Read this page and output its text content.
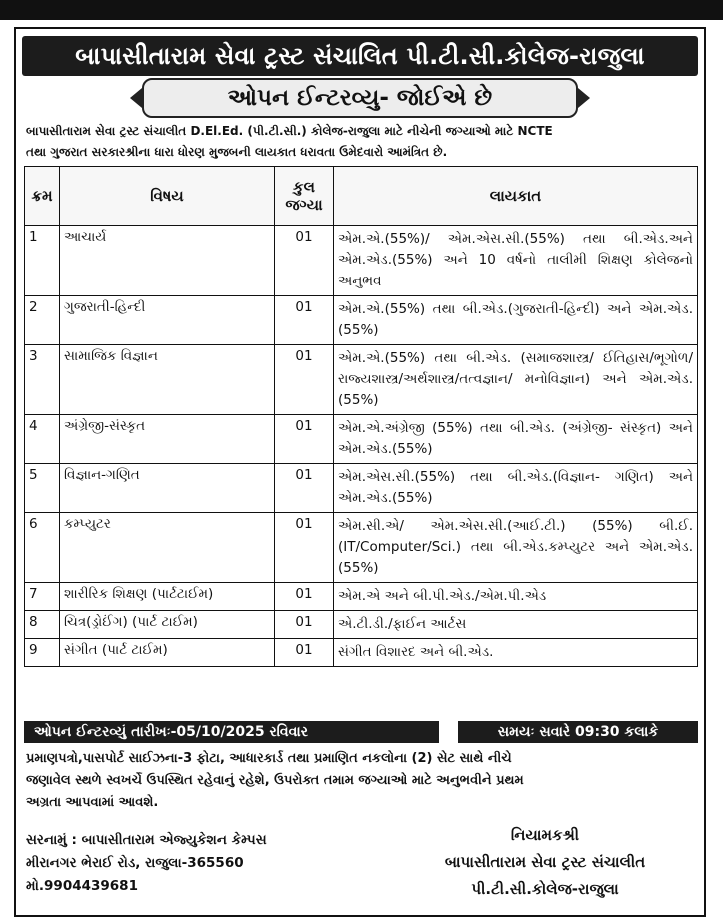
બાપાસીતારામ સેવા ટ્રસ્ટ સંચાલિત પી.ટી.સી.કોલેજ-રાજુલા
ઓપન ઈન્ટરવ્યુ- જોઈએ છે
બાપાસીતારામ સેવા ટ્રસ્ટ સંચાલીત D.El.Ed. (પી.ટી.સી.) કોલેજ-રાજુલા માટે નીચેની જગ્યાઓ માટે NCTE
તથા ગુજરાત સરકારશ્રીના ધારા ધોરણ મુજબની લાયકાત ધરાવતા ઉમેદવારો આમંત્રિત છે.
ક્રમ	વિષય	કુલ જગ્યા	લાયકાત
1	આચાર્ય	01	એમ.એ.(55%)/ એમ.એસ.સી.(55%) તથા બી.એડ.અને એમ.એડ.(55%) અને 10 વર્ષનો તાલીમી શિક્ષણ કોલેજનો અનુભવ
2	ગુજરાતી-હિન્દી	01	એમ.એ.(55%) તથા બી.એડ.(ગુજરાતી-હિન્દી) અને એમ.એડ.(55%)
3	સામાજિક વિજ્ઞાન	01	એમ.એ.(55%) તથા બી.એડ. (સમાજશાસ્ત્ર/ ઈતિહાસ/ભૂગોળ/રાજ્યશાસ્ત્ર/અર્થશાસ્ત્ર/તત્વજ્ઞાન/ મનોવિજ્ઞાન) અને એમ.એડ.(55%)
4	અંગ્રેજી-સંસ્કૃત	01	એમ.એ.અંગ્રેજી (55%) તથા બી.એડ. (અંગ્રેજી- સંસ્કૃત) અને એમ.એડ.(55%)
5	વિજ્ઞાન-ગણિત	01	એમ.એસ.સી.(55%) તથા બી.એડ.(વિજ્ઞાન- ગણિત) અને એમ.એડ.(55%)
6	કમ્પ્યુટર	01	એમ.સી.એ/ એમ.એસ.સી.(આઈ.ટી.) (55%) બી.ઈ.(IT/Computer/Sci.) તથા બી.એડ.કમ્પ્યુટર અને એમ.એડ.(55%)
7	શારીરિક શિક્ષણ (પાર્ટટાઈમ)	01	એમ.એ અને બી.પી.એડ./એમ.પી.એડ
8	ચિત્ર(ડ્રોઈંગ) (પાર્ટ ટાઈમ)	01	એ.ટી.ડી./ફાઈન આર્ટસ
9	સંગીત (પાર્ટ ટાઈમ)	01	સંગીત વિશારદ અને બી.એડ.
ઓપન ઈન્ટરવ્યું તારીખઃ-05/10/2025 રવિવાર	સમયઃ સવારે 09:30 કલાકે
પ્રમાણપત્રો,પાસપોર્ટ સાઈઝના-3 ફોટા, આધારકાર્ડ તથા પ્રમાણિત નકલોના (2) સેટ સાથે નીચે
જણાવેલ સ્થળે સ્વખર્ચે ઉપસ્થિત રહેવાનું રહેશે, ઉપરોક્ત તમામ જગ્યાઓ માટે અનુભવીને પ્રથમ
અગ્રતા આપવામાં આવશે.
સરનામું : બાપાસીતારામ એજ્યુકેશન કેમ્પસ
મીરાનગર ભેરાઈ રોડ, રાજુલા-365560
મો.9904439681
નિયામકશ્રી
બાપાસીતારામ સેવા ટ્રસ્ટ સંચાલીત
પી.ટી.સી.કોલેજ-રાજુલા
